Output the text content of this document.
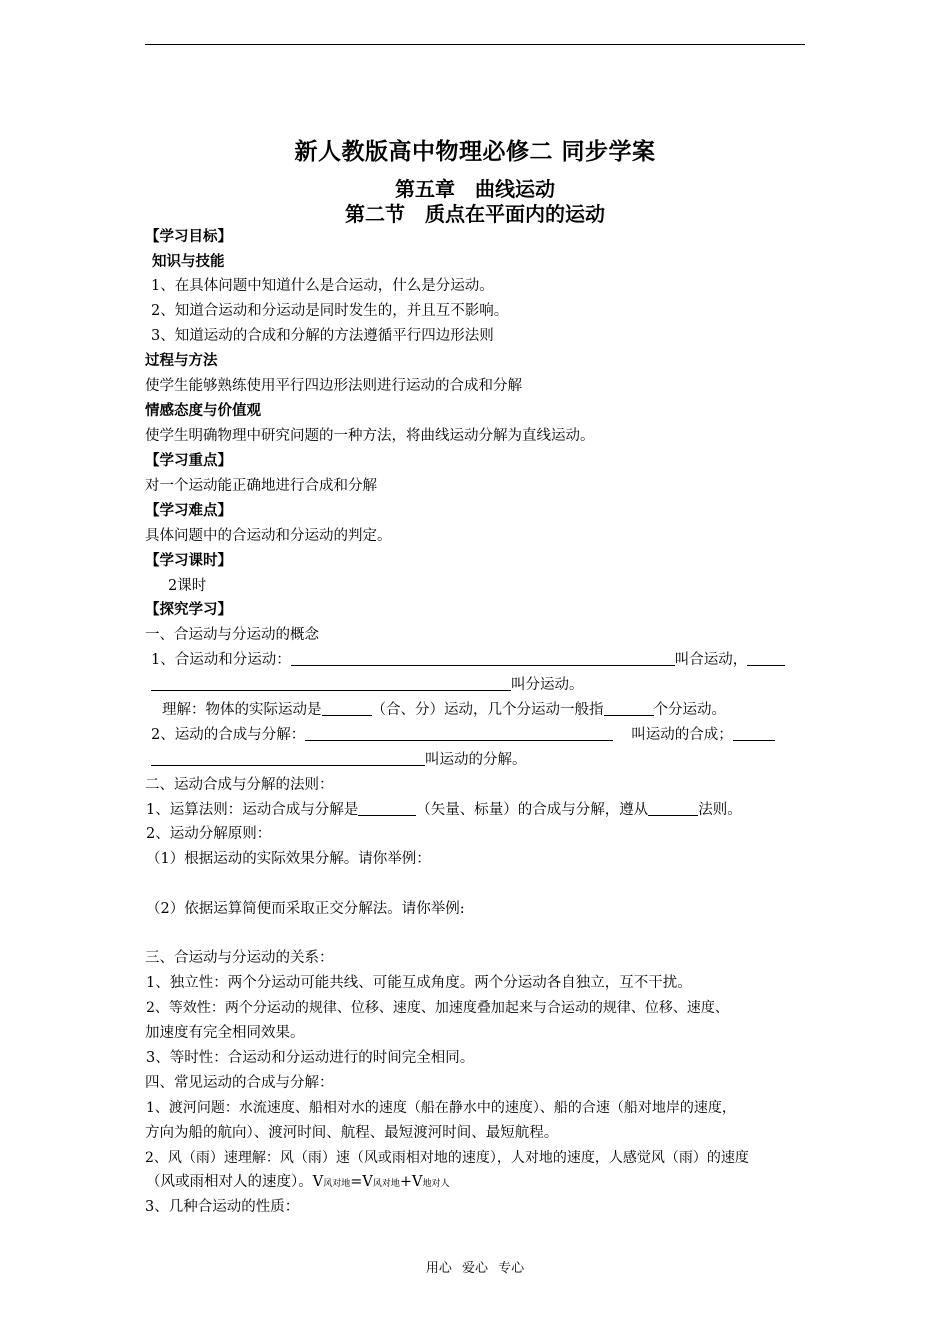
新人教版高中物理必修二 同步学案
第五章　曲线运动
第二节　质点在平面内的运动
【学习目标】
知识与技能
1、在具体问题中知道什么是合运动，什么是分运动。
2、知道合运动和分运动是同时发生的，并且互不影响。
3、知道运动的合成和分解的方法遵循平行四边形法则
过程与方法
使学生能够熟练使用平行四边形法则进行运动的合成和分解
情感态度与价值观
使学生明确物理中研究问题的一种方法，将曲线运动分解为直线运动。
【学习重点】
对一个运动能正确地进行合成和分解
【学习难点】
具体问题中的合运动和分运动的判定。
【学习课时】
2课时
【探究学习】
一、合运动与分运动的概念
1、合运动和分运动：	叫合运动，
叫分运动。
理解：物体的实际运动是	（合、分）运动，几个分运动一般指	个分运动。
2、运动的合成与分解：	叫运动的合成；
叫运动的分解。
二、运动合成与分解的法则：
1、运算法则：运动合成与分解是	（矢量、标量）的合成与分解，遵从	法则。
2、运动分解原则：
（1）根据运动的实际效果分解。请你举例：
（2）依据运算简便而采取正交分解法。请你举例:
三、合运动与分运动的关系：
1、独立性：两个分运动可能共线、可能互成角度。两个分运动各自独立，互不干扰。
2、等效性：两个分运动的规律、位移、速度、加速度叠加起来与合运动的规律、位移、速度、
加速度有完全相同效果。
3、等时性：合运动和分运动进行的时间完全相同。
四、常见运动的合成与分解：
1、渡河问题：水流速度、船相对水的速度（船在静水中的速度）、船的合速（船对地岸的速度，
方向为船的航向）、渡河时间、航程、最短渡河时间、最短航程。
2、风（雨）速理解：风（雨）速（风或雨相对地的速度），人对地的速度，人感觉风（雨）的速度
（风或雨相对人的速度）。V风对地=V风对地+V地对人
3、几种合运动的性质：
用心 爱心 专心
